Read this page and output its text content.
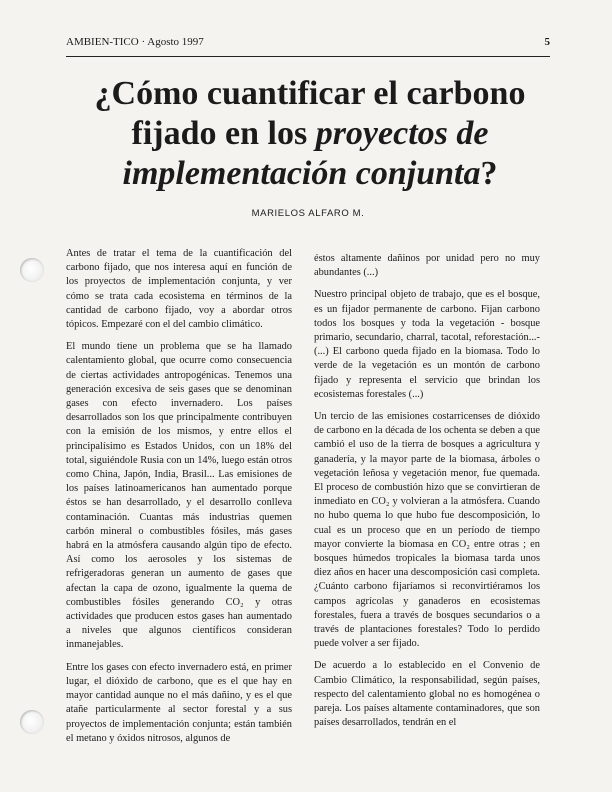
AMBIEN-TICO · Agosto 1997	5
¿Cómo cuantificar el carbono
fijado en los proyectos de
implementación conjunta?
MARIELOS ALFARO M.

Antes de tratar el tema de la cuantificación del carbono fijado, que nos interesa aquí en función de los proyectos de implementación conjunta, y ver cómo se trata cada ecosistema en términos de la cantidad de carbono fijado, voy a abordar otros tópicos. Empezaré con el del cambio climático.

El mundo tiene un problema que se ha llamado calentamiento global, que ocurre como consecuencia de ciertas actividades antropogénicas. Tenemos una generación excesiva de seis gases que se denominan gases con efecto invernadero. Los países desarrollados son los que principalmente contribuyen con la emisión de los mismos, y entre ellos el principalísimo es Estados Unidos, con un 18% del total, siguiéndole Rusia con un 14%, luego están otros como China, Japón, India, Brasil... Las emisiones de los países latinoamericanos han aumentado porque éstos se han desarrollado, y el desarrollo conlleva contaminación. Cuantas más industrias quemen carbón mineral o combustibles fósiles, más gases habrá en la atmósfera causando algún tipo de efecto. Así como los aerosoles y los sistemas de refrigeradoras generan un aumento de gases que afectan la capa de ozono, igualmente la quema de combustibles fósiles generando CO₂ y otras actividades que producen estos gases han aumentado a niveles que algunos científicos consideran inmanejables.

Entre los gases con efecto invernadero está, en primer lugar, el dióxido de carbono, que es el que hay en mayor cantidad aunque no el más dañino, y es el que atañe particularmente al sector forestal y a sus proyectos de implementación conjunta; están también el metano y óxidos nitrosos, algunos de

éstos altamente dañinos por unidad pero no muy abundantes (...)

Nuestro principal objeto de trabajo, que es el bosque, es un fijador permanente de carbono. Fijan carbono todos los bosques y toda la vegetación - bosque primario, secundario, charral, tacotal, reforestación...- (...) El carbono queda fijado en la biomasa. Todo lo verde de la vegetación es un montón de carbono fijado y representa el servicio que brindan los ecosistemas forestales (...)

Un tercio de las emisiones costarricenses de dióxido de carbono en la década de los ochenta se deben a que cambió el uso de la tierra de bosques a agricultura y ganadería, y la mayor parte de la biomasa, árboles o vegetación leñosa y vegetación menor, fue quemada. El proceso de combustión hizo que se convirtieran de inmediato en CO₂ y volvieran a la atmósfera. Cuando no hubo quema lo que hubo fue descomposición, lo cual es un proceso que en un período de tiempo mayor convierte la biomasa en CO₂ entre otras ; en bosques húmedos tropicales la biomasa tarda unos diez años en hacer una descomposición casi completa. ¿Cuánto carbono fijaríamos si reconvirtiéramos los campos agrícolas y ganaderos en ecosistemas forestales, fuera a través de bosques secundarios o a través de plantaciones forestales? Todo lo perdido puede volver a ser fijado.

De acuerdo a lo establecido en el Convenio de Cambio Climático, la responsabilidad, según países, respecto del calentamiento global no es homogénea o pareja. Los países altamente contaminadores, que son países desarrollados, tendrán en el
